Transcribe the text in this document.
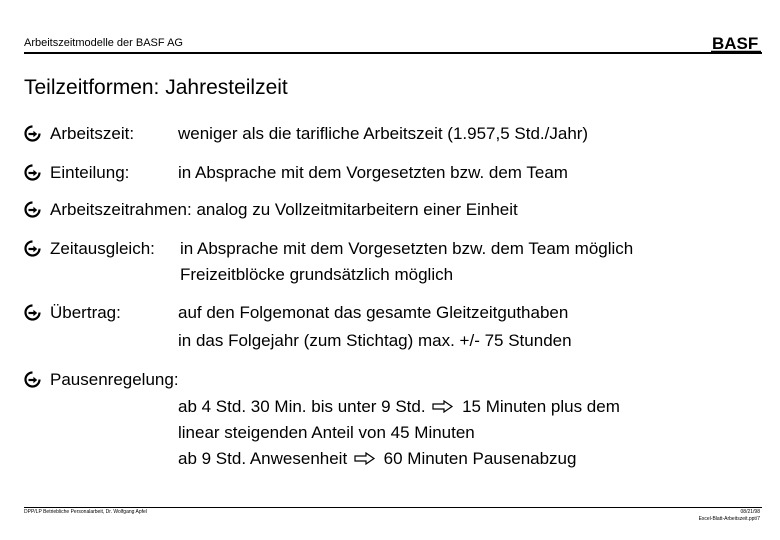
Arbeitszeitmodelle der BASF AG	BASF
Teilzeitformen: Jahresteilzeit
Arbeitszeit:	weniger als die tarifliche Arbeitszeit (1.957,5 Std./Jahr)
Einteilung:	in Absprache mit dem Vorgesetzten bzw. dem Team
Arbeitszeitrahmen: analog zu Vollzeitmitarbeitern einer Einheit
Zeitausgleich: in Absprache mit dem Vorgesetzten bzw. dem Team möglich
Freizeitblöcke grundsätzlich möglich
Übertrag:	auf den Folgemonat das gesamte Gleitzeitguthaben
in das Folgejahr (zum Stichtag) max. +/- 75 Stunden
Pausenregelung:
ab 4 Std. 30 Min. bis unter 9 Std. 15 Minuten plus dem
linear steigenden Anteil von 45 Minuten
ab 9 Std. Anwesenheit 60 Minuten Pausenabzug
DPP/LP Betriebliche Personalarbeit, Dr. Wolfgang Apfel	08/21/98
Excel-Blatt-Arbeitszeit.ppt/7
